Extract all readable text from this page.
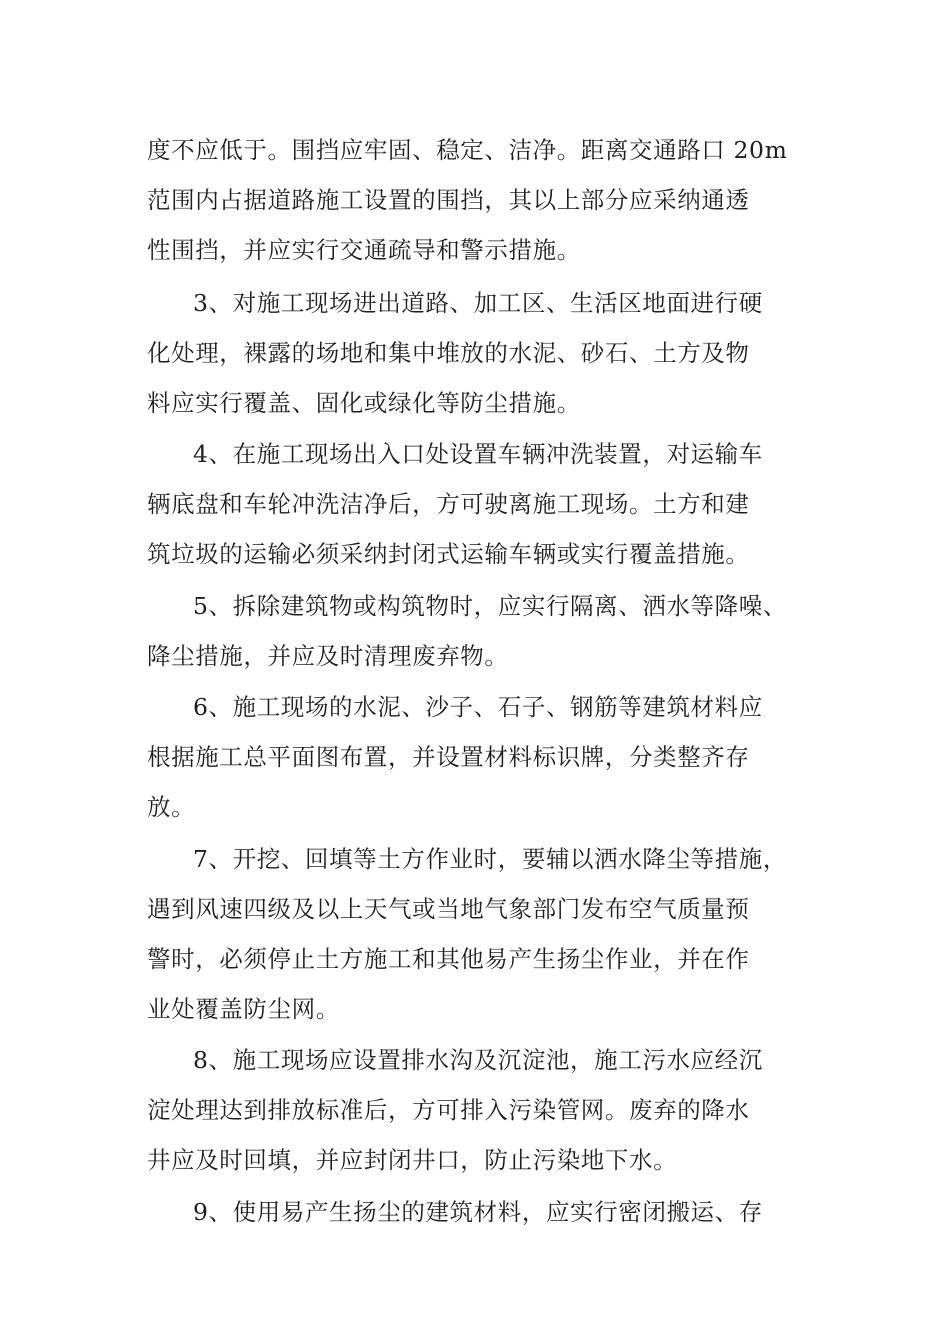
度不应低于。围挡应牢固、稳定、洁净。距离交通路口 20m
范围内占据道路施工设置的围挡，其以上部分应采纳通透
性围挡，并应实行交通疏导和警示措施。
3、对施工现场进出道路、加工区、生活区地面进行硬
化处理，裸露的场地和集中堆放的水泥、砂石、土方及物
料应实行覆盖、固化或绿化等防尘措施。
4、在施工现场出入口处设置车辆冲洗装置，对运输车
辆底盘和车轮冲洗洁净后，方可驶离施工现场。土方和建
筑垃圾的运输必须采纳封闭式运输车辆或实行覆盖措施。
5、拆除建筑物或构筑物时，应实行隔离、洒水等降噪、
降尘措施，并应及时清理废弃物。
6、施工现场的水泥、沙子、石子、钢筋等建筑材料应
根据施工总平面图布置，并设置材料标识牌，分类整齐存
放。
7、开挖、回填等土方作业时，要辅以洒水降尘等措施，
遇到风速四级及以上天气或当地气象部门发布空气质量预
警时，必须停止土方施工和其他易产生扬尘作业，并在作
业处覆盖防尘网。
8、施工现场应设置排水沟及沉淀池，施工污水应经沉
淀处理达到排放标准后，方可排入污染管网。废弃的降水
井应及时回填，并应封闭井口，防止污染地下水。
9、使用易产生扬尘的建筑材料，应实行密闭搬运、存
